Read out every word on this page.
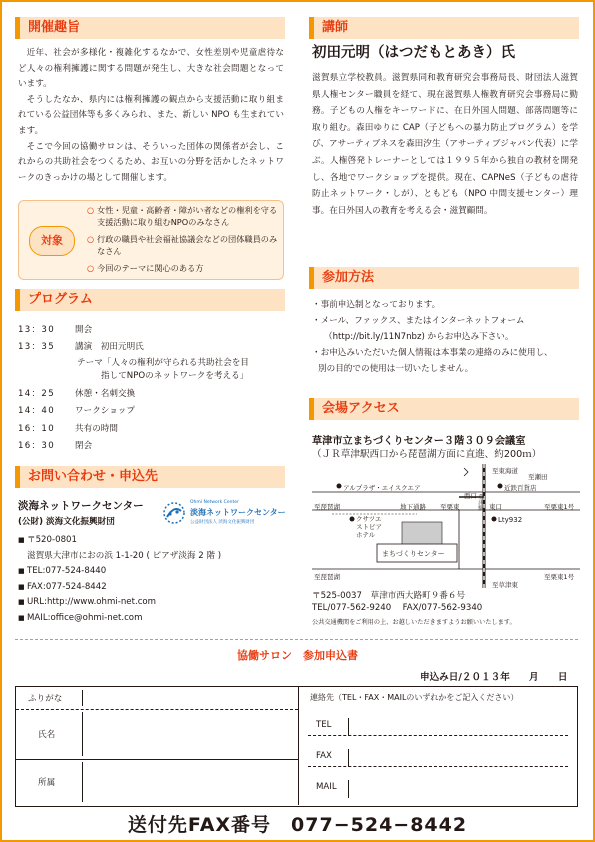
開催趣旨

近年、社会が多様化・複雑化するなかで、女性差別や児童虐待など人々の権利擁護に関する問題が発生し、大きな社会問題となっています。

そうしたなか、県内には権利擁護の観点から支援活動に取り組まれている公益団体等も多くみられ、また、新しい NPO も生まれています。

そこで今回の協働サロンは、そういった団体の関係者が会し、これからの共助社会をつくるため、お互いの分野を活かしたネットワークのきっかけの場として開催します。

対象
○ 女性・児童・高齢者・障がい者などの権利を守る支援活動に取り組むNPOのみなさん
○ 行政の職員や社会福祉協議会などの団体職員のみなさん
○ 今回のテーマに関心のある方
プログラム
13：30	開会
13：35	講演　初田元明氏
テーマ「人々の権利が守られる共助社会を目
指してNPOのネットワークを考える」
14：25	休憩・名刺交換
14：40	ワークショップ
16：10	共有の時間
16：30	閉会
お問い合わせ・申込先
淡海ネットワークセンター
(公財) 淡海文化振興財団
Ohmi Network Center
淡海ネットワークセンター
公益財団法人 淡海文化振興財団
■ 〒520-0801
滋賀県大津市におの浜 1-1-20 ( ピアザ淡海 2 階 )
■ TEL:077-524-8440
■ FAX:077-524-8442
■ URL:http://www.ohmi-net.com
■ MAIL:office@ohmi-net.com
講師
初田元明（はつだもとあき）氏
滋賀県立学校教員。滋賀県同和教育研究会事務局長、財団法人滋賀県人権センター職員を経て、現在滋賀県人権教育研究会事務局に勤務。子どもの人権をキーワードに、在日外国人問題、部落問題等に取り組む。森田ゆりに CAP（子どもへの暴力防止プログラム）を学び、アサーティブネスを森田汐生（アサーティブジャパン代表）に学ぶ。人権啓発トレーナーとしては１９９５年から独自の教材を開発し、各地でワークショップを提供。現在、CAPNeS（子どもの虐待防止ネットワーク・しが）、ともども（NPO 中間支援センター）理事。在日外国人の教育を考える会・滋賀顧問。
参加方法
・事前申込制となっております。
・メール、ファックス、またはインターネットフォーム
（http://bit.ly/11N7nbz) からお申込み下さい。
・お申込みいただいた個人情報は本事業の連絡のみに使用し、
別の目的での使用は一切いたしません。
会場アクセス
草津市立まちづくりセンター３階３０９会議室
（ＪＲ草津駅西口から琵琶湖方面に直進、約200ｍ）
至東海道
アルプラザ・エイスクエア	近鉄百貨店
西口
東口
地下通路	草津駅
至琵琶湖	至栗東
至瀬田
至栗東1号
Lty932
クサツエストピアホテル
まちづくりセンター
至琵琶湖	至栗東1号
至草津東
〒525-0037　草津市西大路町９番６号
TEL/077-562-9240　 FAX/077-562-9340
公共交通機関をご利用の上、お越しいただきますようお願いいたします。
協働サロン　参加申込書
申込み日/２０１３年　　月　　日
ふりがな
氏名
所属
連絡先（TEL・FAX・MAILのいずれかをご記入ください）
TEL
FAX
MAIL
送付先FAX番号　077−524−8442
